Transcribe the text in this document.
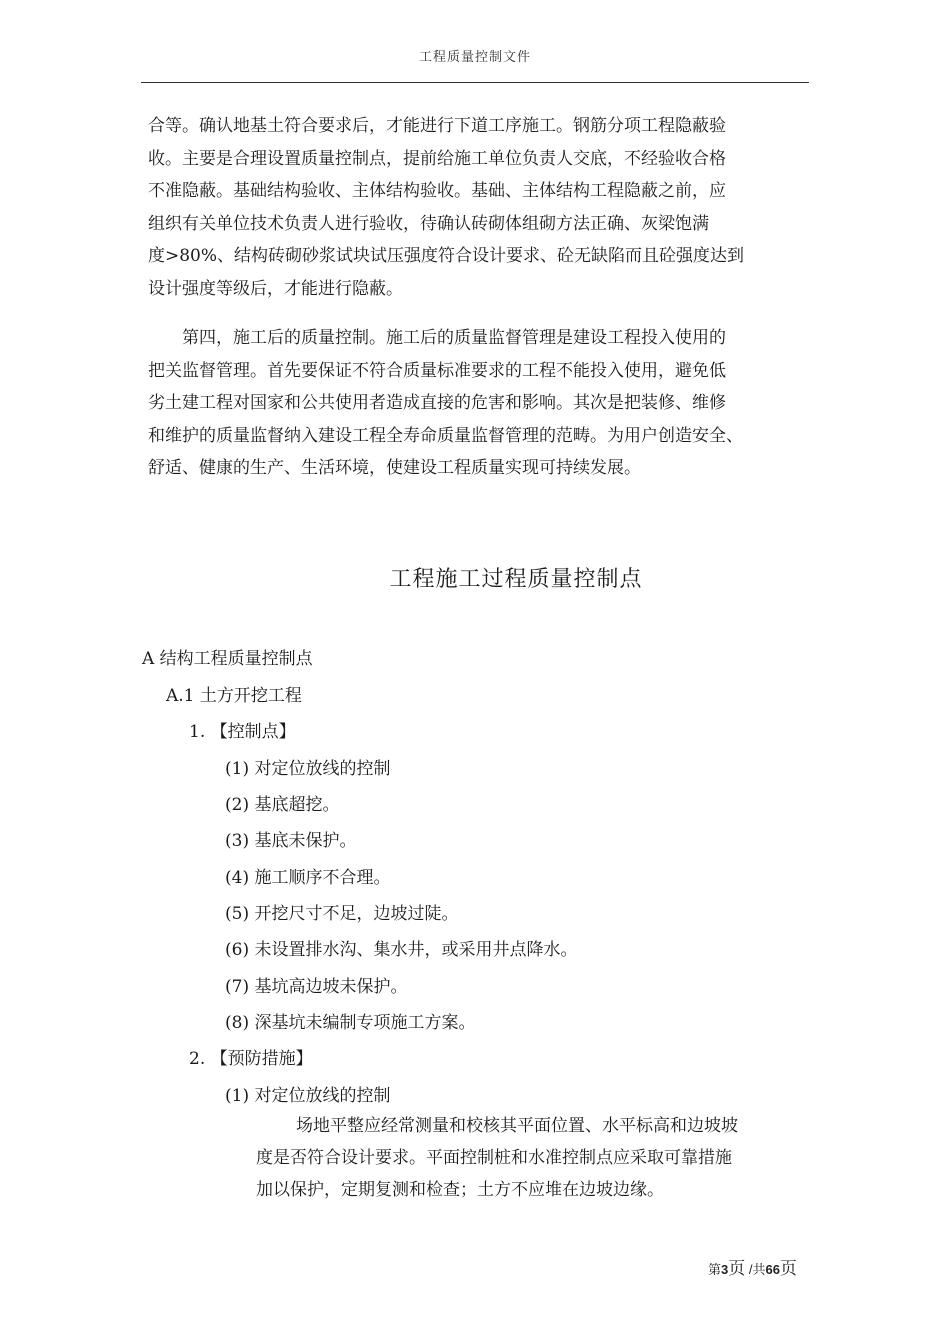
工程质量控制文件
合等。确认地基土符合要求后，才能进行下道工序施工。钢筋分项工程隐蔽验
收。主要是合理设置质量控制点，提前给施工单位负责人交底，不经验收合格
不准隐蔽。基础结构验收、主体结构验收。基础、主体结构工程隐蔽之前，应
组织有关单位技术负责人进行验收，待确认砖砌体组砌方法正确、灰梁饱满
度>80%、结构砖砌砂浆试块试压强度符合设计要求、砼无缺陷而且砼强度达到
设计强度等级后，才能进行隐蔽。
第四，施工后的质量控制。施工后的质量监督管理是建设工程投入使用的
把关监督管理。首先要保证不符合质量标准要求的工程不能投入使用，避免低
劣土建工程对国家和公共使用者造成直接的危害和影响。其次是把装修、维修
和维护的质量监督纳入建设工程全寿命质量监督管理的范畴。为用户创造安全、
舒适、健康的生产、生活环境，使建设工程质量实现可持续发展。
工程施工过程质量控制点

A 结构工程质量控制点

A.1 土方开挖工程

1. 【控制点】

(1) 对定位放线的控制

(2) 基底超挖。

(3) 基底未保护。

(4) 施工顺序不合理。

(5) 开挖尺寸不足，边坡过陡。

(6) 未设置排水沟、集水井，或采用井点降水。

(7) 基坑高边坡未保护。

(8) 深基坑未编制专项施工方案。

2. 【预防措施】

(1) 对定位放线的控制

场地平整应经常测量和校核其平面位置、水平标高和边坡坡
度是否符合设计要求。平面控制桩和水准控制点应采取可靠措施
加以保护，定期复测和检查；土方不应堆在边坡边缘。
第3页 /共66页
